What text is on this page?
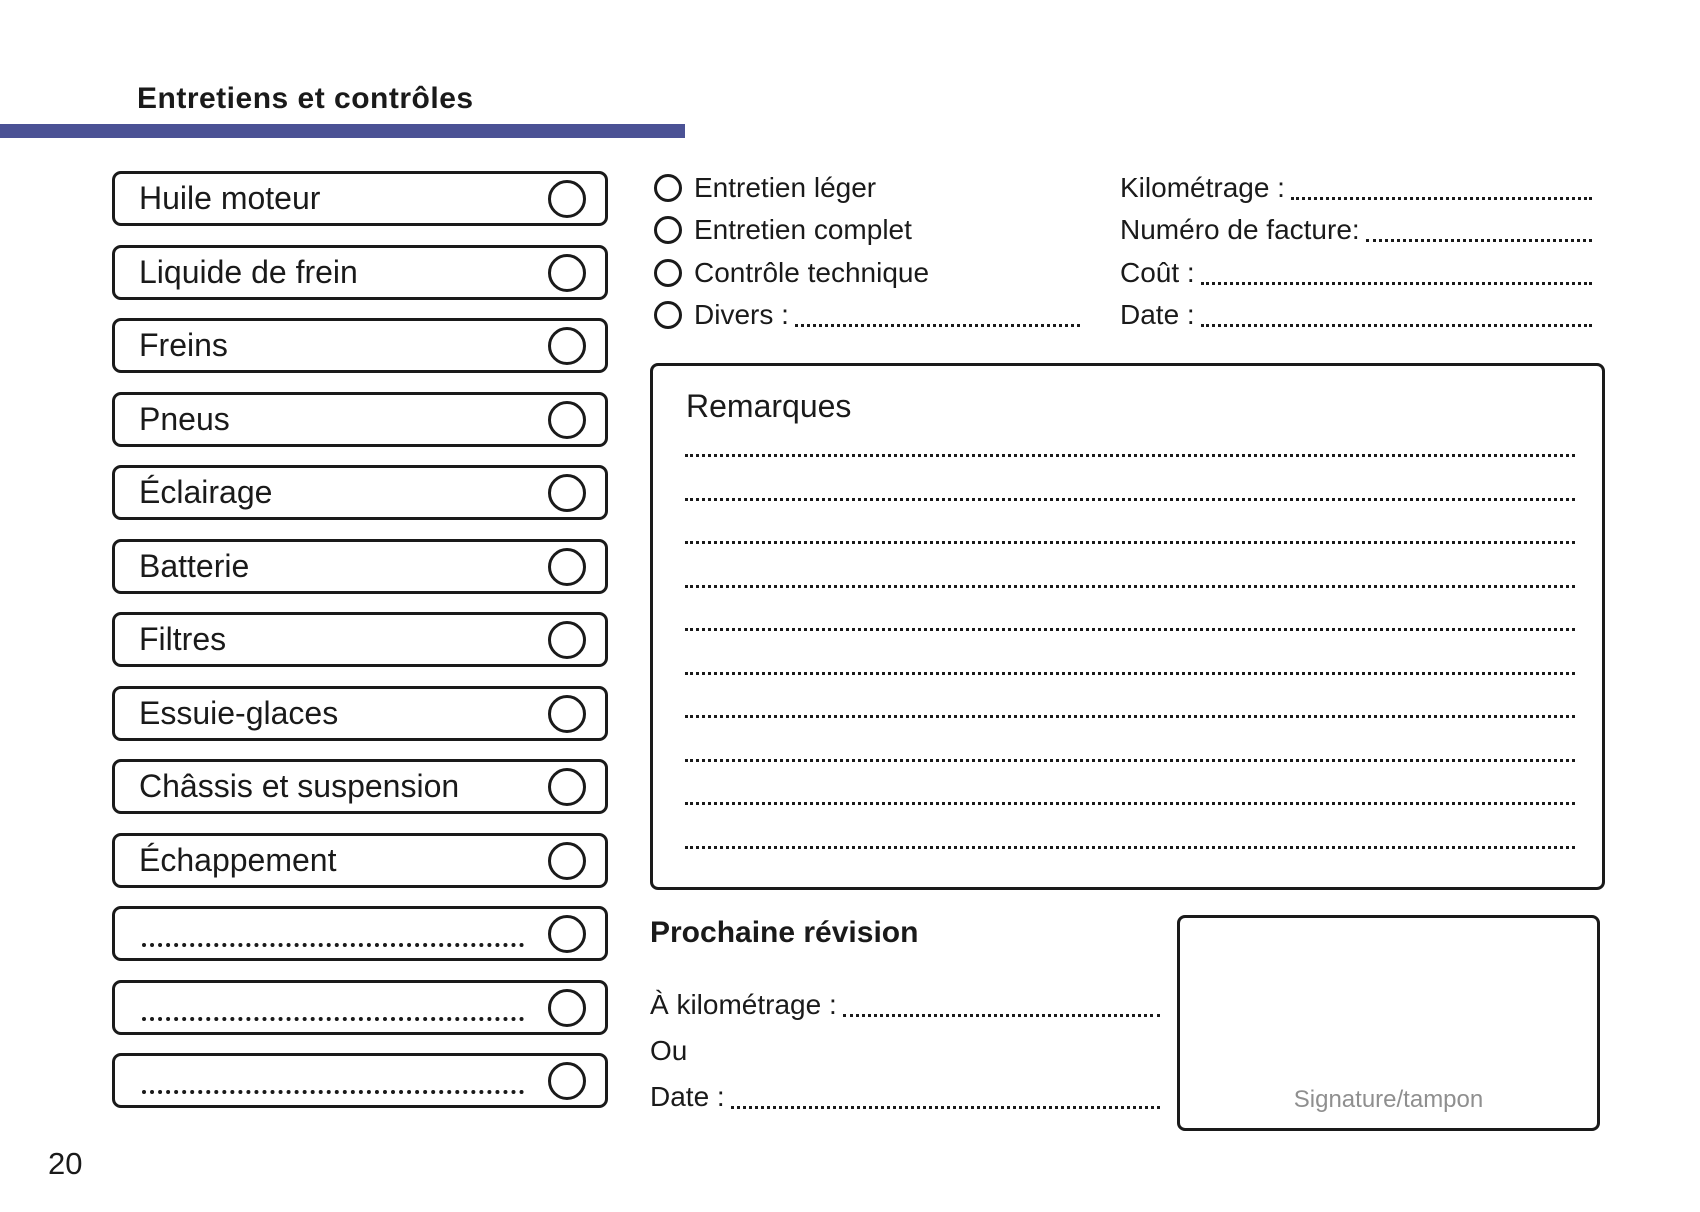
Entretiens et contrôles
Huile moteur
Liquide de frein
Freins
Pneus
Éclairage
Batterie
Filtres
Essuie-glaces
Châssis et suspension
Échappement
Entretien léger
Entretien complet
Contrôle technique
Divers :
Kilométrage :
Numéro de facture:
Coût :
Date :
Remarques
Prochaine révision
À kilométrage :
Ou
Date :	Signature/tampon
20
